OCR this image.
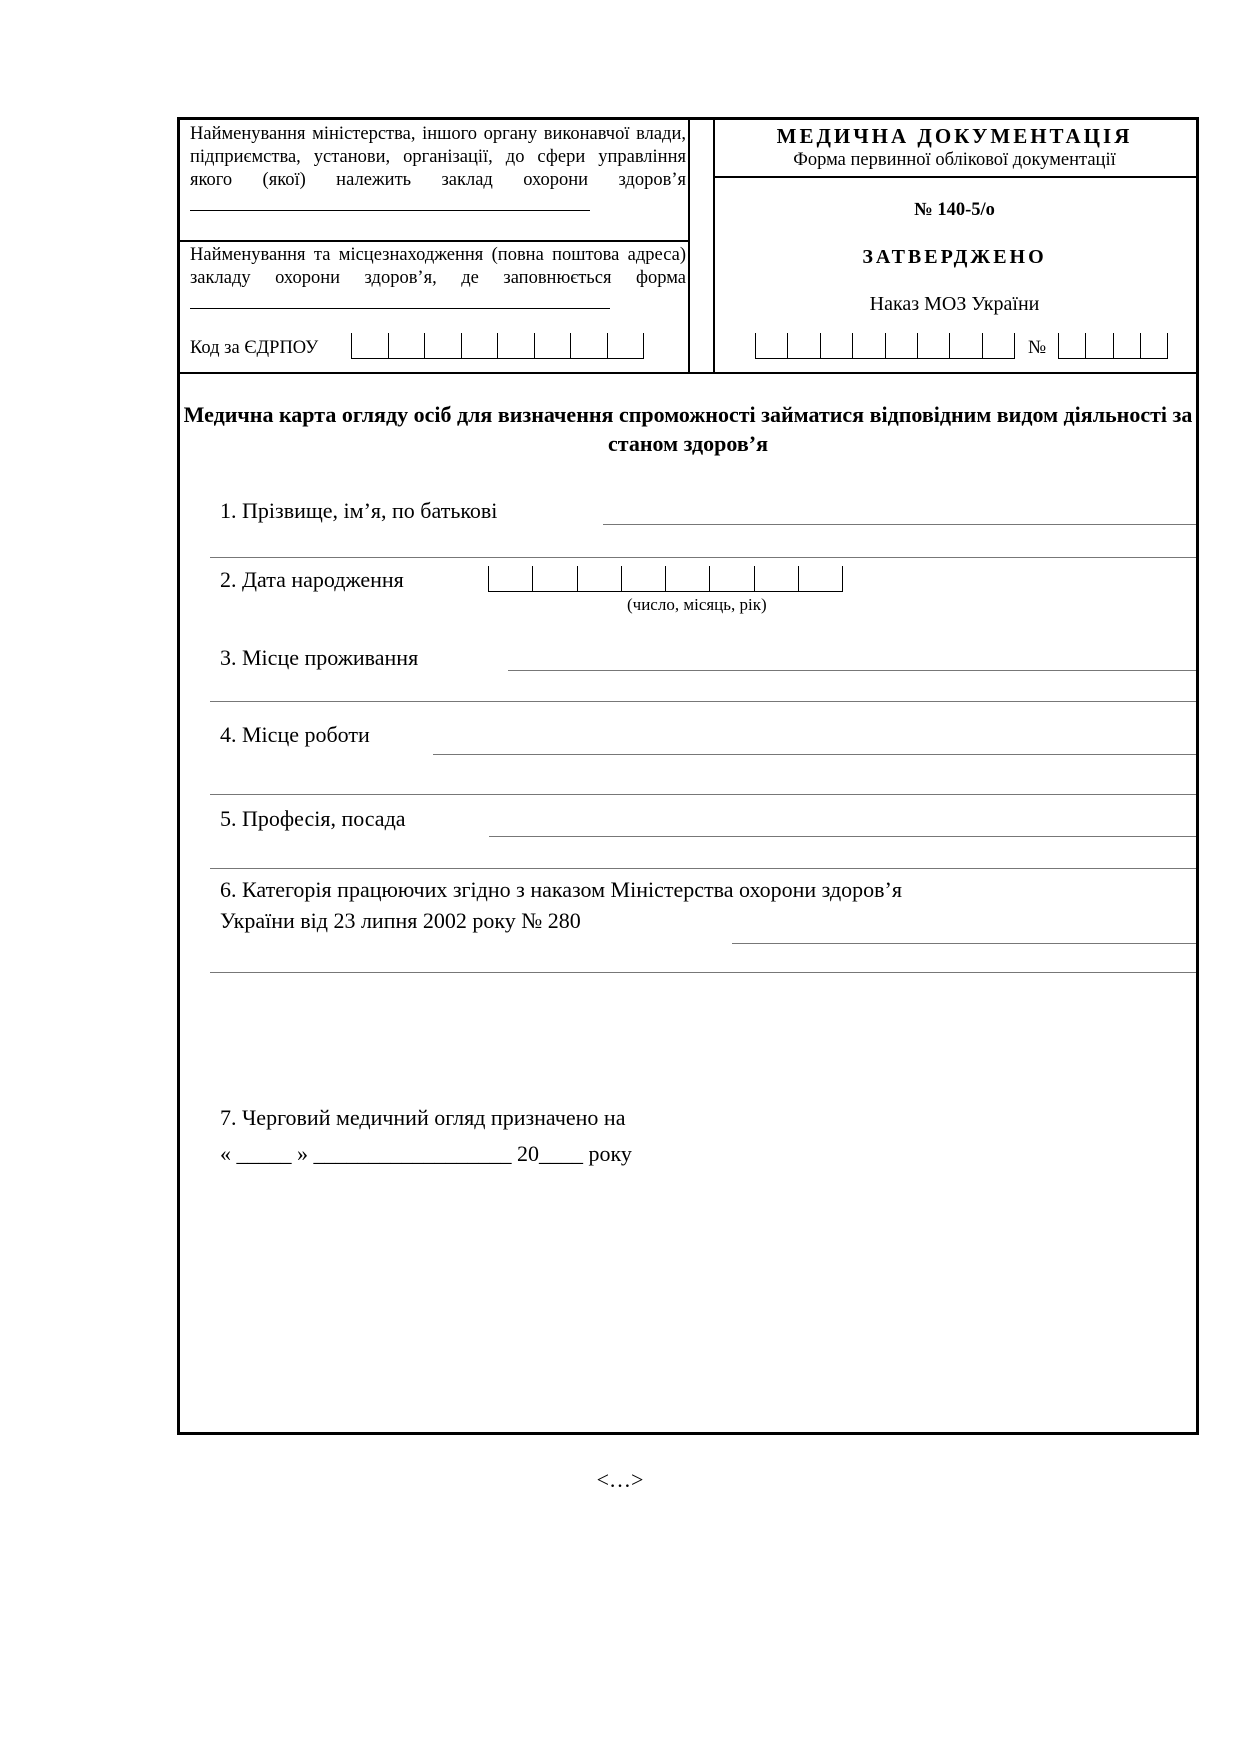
Найменування міністерства, іншого органу виконавчої влади, підприємства, установи, організації, до сфери управління якого (якої) належить заклад охорони здоров’я
Найменування та місцезнаходження (повна поштова адреса) закладу охорони здоров’я, де заповнюється форма
Код за ЄДРПОУ
МЕДИЧНА ДОКУМЕНТАЦІЯ
Форма первинної облікової документації
№ 140-5/о
ЗАТВЕРДЖЕНО
Наказ МОЗ України
№
Медична карта огляду осіб для визначення спроможності займатися відповідним видом діяльності за станом здоров’я
1. Прізвище, ім’я, по батькові
2. Дата народження
(число, місяць, рік)
3. Місце проживання
4. Місце роботи
5. Професія, посада
6. Категорія працюючих згідно з наказом Міністерства охорони здоров’я
України від 23 липня 2002 року № 280
7. Черговий медичний огляд призначено на
« _____ » __________________ 20____ року
<…>
